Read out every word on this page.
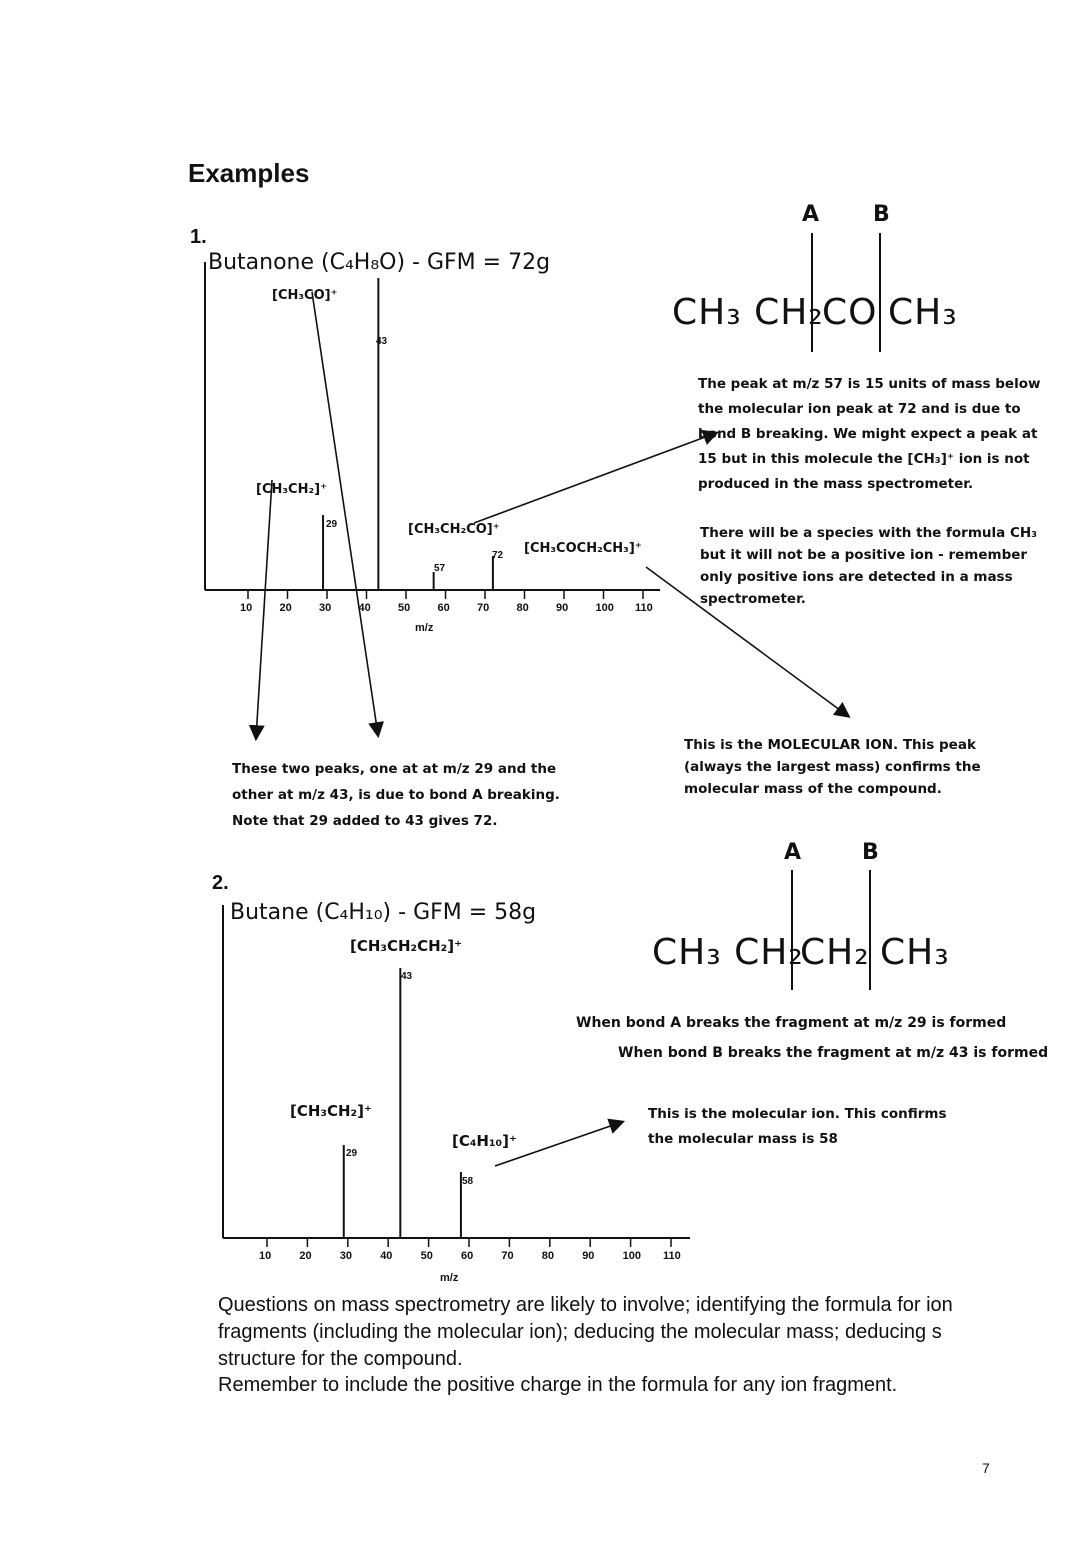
Examples
1.
Butanone (C₄H₈O) - GFM = 72g
[CH₃CO]⁺
[CH₃CH₂]⁺
[CH₃CH₂CO]⁺
[CH₃COCH₂CH₃]⁺
29
43
57
72
10 20 30 40 50 60 70 80 90 100 110
m/z
A B
CH₃ CH₂
CO CH₃
The peak at m/z 57 is 15 units of mass below the molecular ion peak at 72 and is due to bond B breaking. We might expect a peak at 15 but in this molecule the [CH₃]⁺ ion is not produced in the mass spectrometer.
There will be a species with the formula CH₃ but it will not be a positive ion - remember only positive ions are detected in a mass spectrometer.
This is the MOLECULAR ION. This peak (always the largest mass) confirms the molecular mass of the compound.
These two peaks, one at at m/z 29 and the other at m/z 43, is due to bond A breaking. Note that 29 added to 43 gives 72.
2.
Butane (C₄H₁₀) - GFM = 58g
[CH₃CH₂CH₂]⁺
[CH₃CH₂]⁺
[C₄H₁₀]⁺
29
43
58
10	20	30	40	50	60	70	80	90	100 110
m/z
A	B
CH₃ CH₂
CH₂ CH₃
When bond A breaks the fragment at m/z 29 is formed
When bond B breaks the fragment at m/z 43 is formed
This is the molecular ion. This confirms the molecular mass is 58
Questions on mass spectrometry are likely to involve; identifying the formula for ion fragments (including the molecular ion); deducing the molecular mass; deducing s structure for the compound.
Remember to include the positive charge in the formula for any ion fragment.
7
